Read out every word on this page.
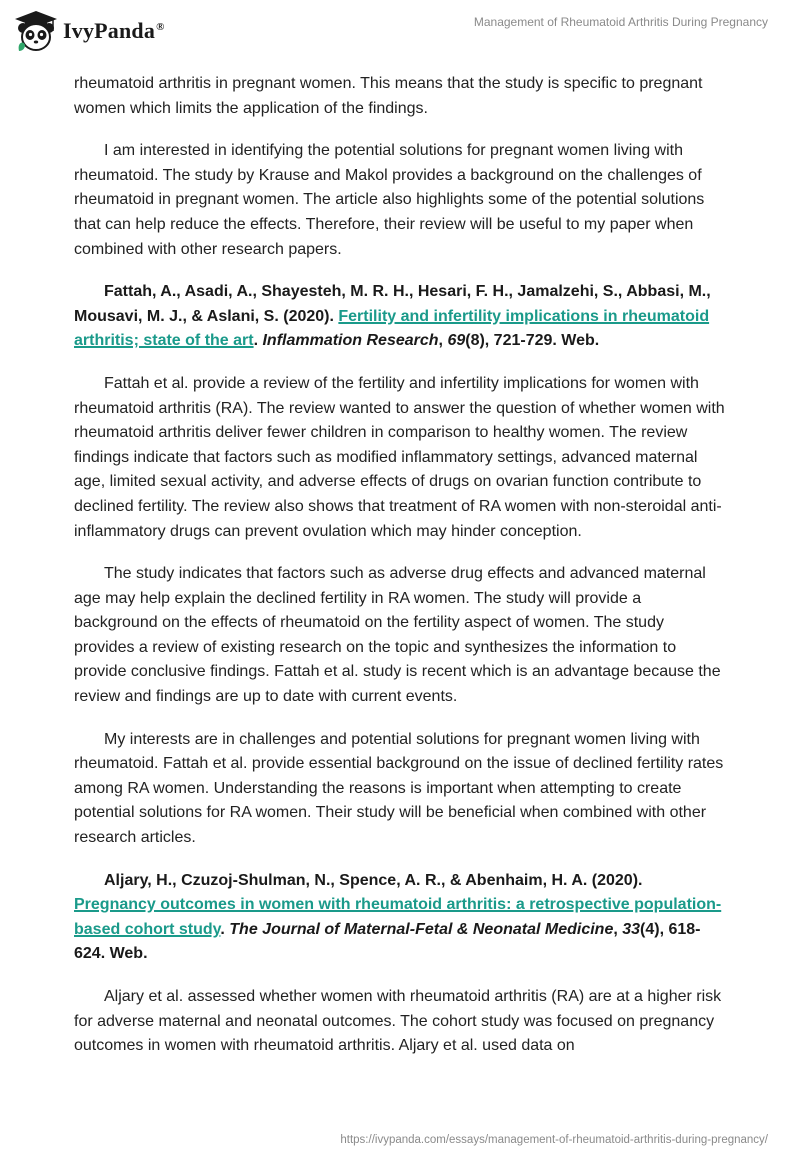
IvyPanda®	Management of Rheumatoid Arthritis During Pregnancy

rheumatoid arthritis in pregnant women. This means that the study is specific to pregnant women which limits the application of the findings.

I am interested in identifying the potential solutions for pregnant women living with rheumatoid. The study by Krause and Makol provides a background on the challenges of rheumatoid in pregnant women. The article also highlights some of the potential solutions that can help reduce the effects. Therefore, their review will be useful to my paper when combined with other research papers.

Fattah, A., Asadi, A., Shayesteh, M. R. H., Hesari, F. H., Jamalzehi, S., Abbasi, M., Mousavi, M. J., & Aslani, S. (2020). Fertility and infertility implications in rheumatoid arthritis; state of the art. Inflammation Research, 69(8), 721-729. Web.

Fattah et al. provide a review of the fertility and infertility implications for women with rheumatoid arthritis (RA). The review wanted to answer the question of whether women with rheumatoid arthritis deliver fewer children in comparison to healthy women. The review findings indicate that factors such as modified inflammatory settings, advanced maternal age, limited sexual activity, and adverse effects of drugs on ovarian function contribute to declined fertility. The review also shows that treatment of RA women with non-steroidal anti-inflammatory drugs can prevent ovulation which may hinder conception.

The study indicates that factors such as adverse drug effects and advanced maternal age may help explain the declined fertility in RA women. The study will provide a background on the effects of rheumatoid on the fertility aspect of women. The study provides a review of existing research on the topic and synthesizes the information to provide conclusive findings. Fattah et al. study is recent which is an advantage because the review and findings are up to date with current events.

My interests are in challenges and potential solutions for pregnant women living with rheumatoid. Fattah et al. provide essential background on the issue of declined fertility rates among RA women. Understanding the reasons is important when attempting to create potential solutions for RA women. Their study will be beneficial when combined with other research articles.

Aljary, H., Czuzoj-Shulman, N., Spence, A. R., & Abenhaim, H. A. (2020). Pregnancy outcomes in women with rheumatoid arthritis: a retrospective population-based cohort study. The Journal of Maternal-Fetal & Neonatal Medicine, 33(4), 618-624. Web.

Aljary et al. assessed whether women with rheumatoid arthritis (RA) are at a higher risk for adverse maternal and neonatal outcomes. The cohort study was focused on pregnancy outcomes in women with rheumatoid arthritis. Aljary et al. used data on

https://ivypanda.com/essays/management-of-rheumatoid-arthritis-during-pregnancy/
